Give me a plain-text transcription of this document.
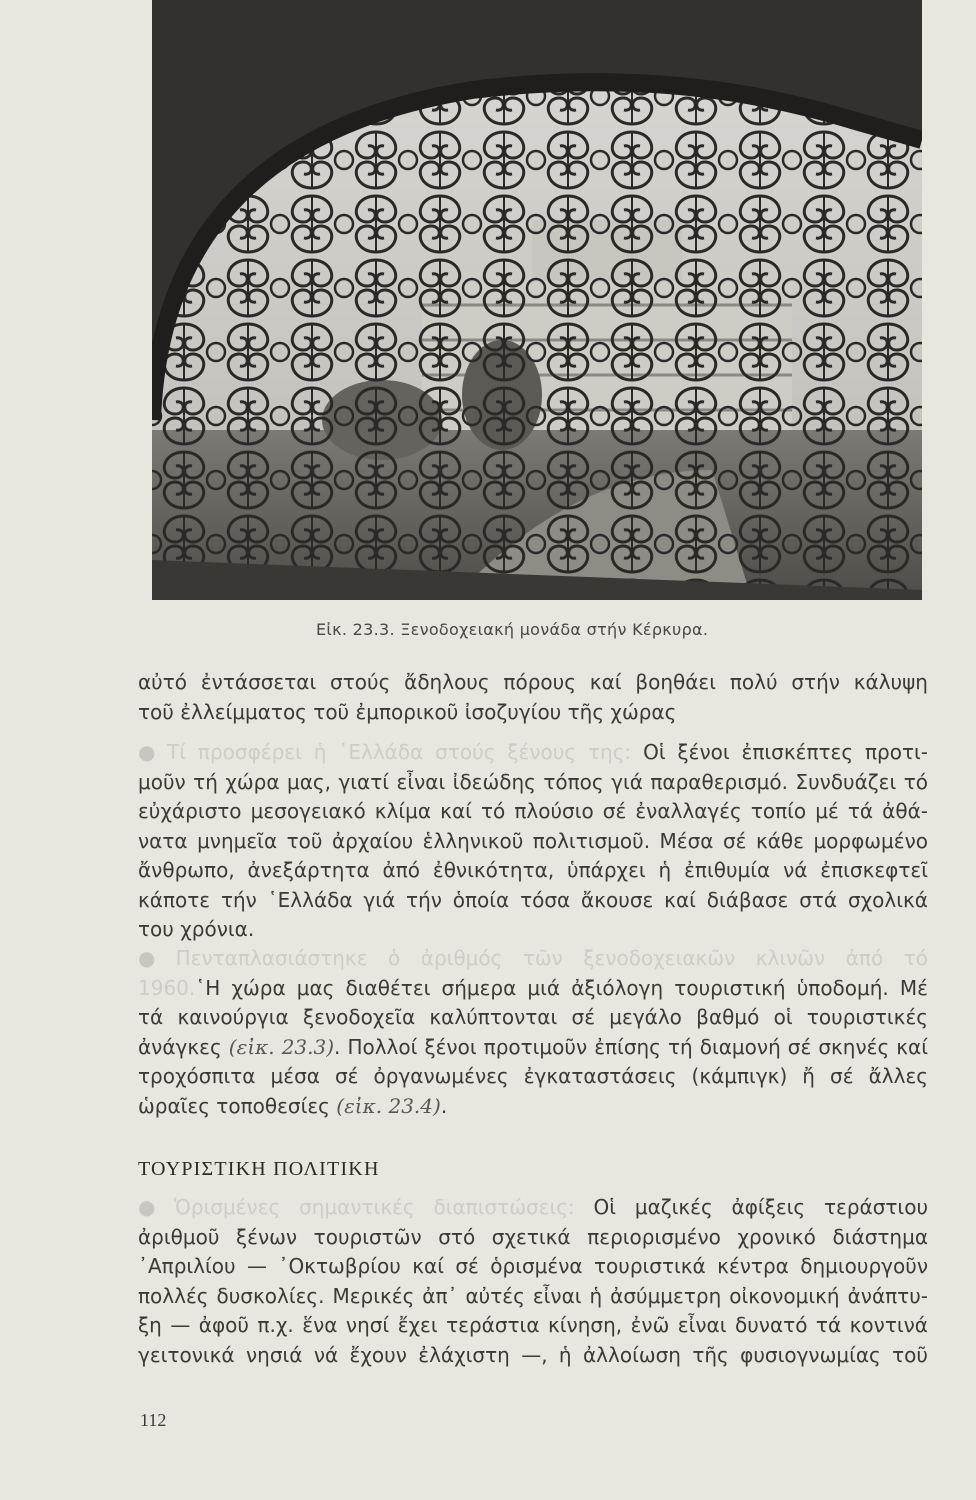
Εἰκ. 23.3. Ξενοδοχειακή μονάδα στήν Κέρκυρα.
αὐτό ἐντάσσεται στούς ἄδηλους πόρους καί βοηθάει πολύ στήν κάλυψη
τοῦ ἐλλείμματος τοῦ ἐμπορικοῦ ἰσοζυγίου τῆς χώρας
● Τί προσφέρει ἡ ῾Ελλάδα στούς ξένους της: Οἱ ξένοι ἐπισκέπτες προτι-
μοῦν τή χώρα μας, γιατί εἶναι ἰδεώδης τόπος γιά παραθερισμό. Συνδυάζει τό
εὐχάριστο μεσογειακό κλίμα καί τό πλούσιο σέ ἐναλλαγές τοπίο μέ τά ἀθά-
νατα μνημεῖα τοῦ ἀρχαίου ἑλληνικοῦ πολιτισμοῦ. Μέσα σέ κάθε μορφωμένο
ἄνθρωπο, ἀνεξάρτητα ἀπό ἐθνικότητα, ὑπάρχει ἡ ἐπιθυμία νά ἐπισκεφτεῖ
κάποτε τήν ῾Ελλάδα γιά τήν ὁποία τόσα ἄκουσε καί διάβασε στά σχολικά
του χρόνια.
● Πενταπλασιάστηκε ὁ ἀριθμός τῶν ξενοδοχειακῶν κλινῶν ἀπό τό
1960.῾Η χώρα μας διαθέτει σήμερα μιά ἀξιόλογη τουριστική ὑποδομή. Μέ
τά καινούργια ξενοδοχεῖα καλύπτονται σέ μεγάλο βαθμό οἱ τουριστικές
ἀνάγκες (εἰκ. 23.3). Πολλοί ξένοι προτιμοῦν ἐπίσης τή διαμονή σέ σκηνές καί
τροχόσπιτα μέσα σέ ὀργανωμένες ἐγκαταστάσεις (κάμπιγκ) ἤ σέ ἄλλες
ὡραῖες τοποθεσίες (εἰκ. 23.4).
ΤΟΥΡΙΣΤΙΚΗ ΠΟΛΙΤΙΚΗ
● Ὁρισμένες σημαντικές διαπιστώσεις: Οἱ μαζικές ἀφίξεις τεράστιου
ἀριθμοῦ ξένων τουριστῶν στό σχετικά περιορισμένο χρονικό διάστημα
᾿Απριλίου — ᾿Οκτωβρίου καί σέ ὁρισμένα τουριστικά κέντρα δημιουργοῦν
πολλές δυσκολίες. Μερικές ἀπ᾿ αὐτές εἶναι ἡ ἀσύμμετρη οἰκονομική ἀνάπτυ-
ξη — ἀφοῦ π.χ. ἕνα νησί ἔχει τεράστια κίνηση, ἐνῶ εἶναι δυνατό τά κοντινά
γειτονικά νησιά νά ἔχουν ἐλάχιστη —, ἡ ἀλλοίωση τῆς φυσιογνωμίας τοῦ
112
